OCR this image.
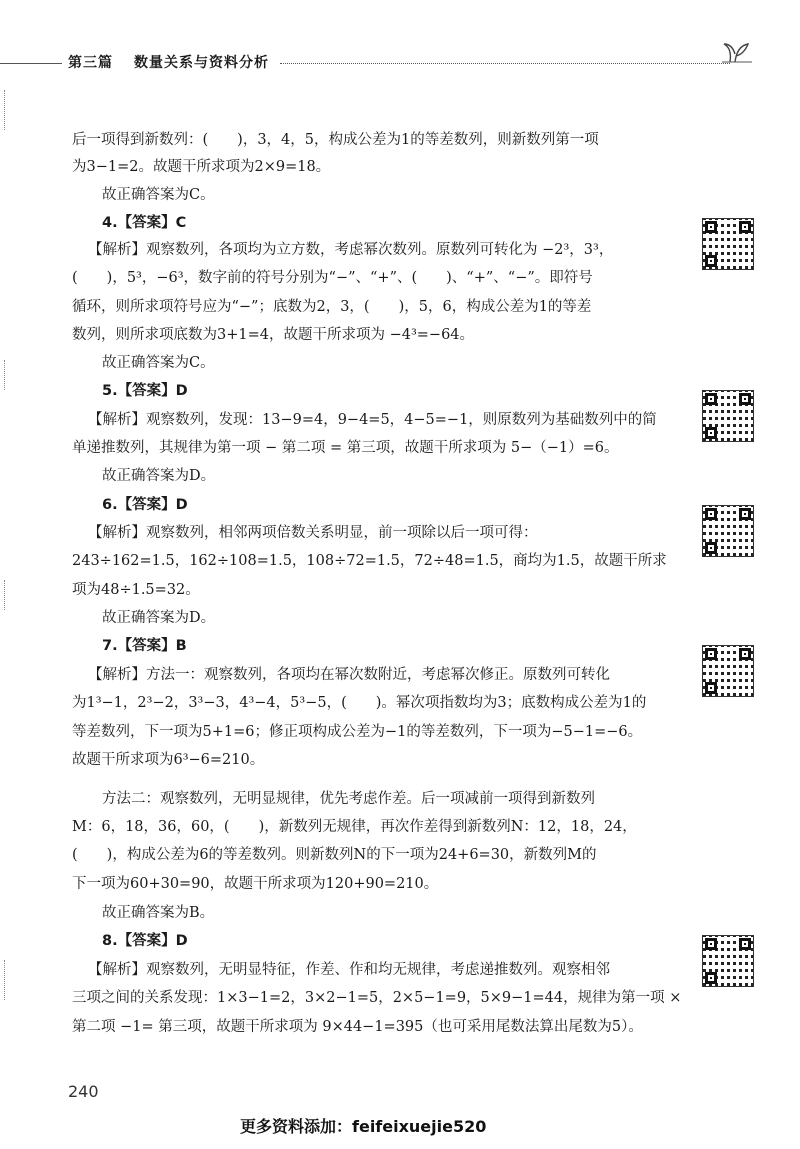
第三篇 数量关系与资料分析
后一项得到新数列：(　　)，3，4，5，构成公差为1的等差数列，则新数列第一项
为3−1=2。故题干所求项为2×9=18。
故正确答案为C。
4.【答案】C
【解析】观察数列，各项均为立方数，考虑幂次数列。原数列可转化为 −2³，3³，
(　　)，5³，−6³，数字前的符号分别为“−”、“+”、(　　)、“+”、“−”。即符号
循环，则所求项符号应为“−”；底数为2，3，(　　)，5，6，构成公差为1的等差
数列，则所求项底数为3+1=4，故题干所求项为 −4³=−64。
故正确答案为C。
5.【答案】D
【解析】观察数列，发现：13−9=4，9−4=5，4−5=−1，则原数列为基础数列中的简
单递推数列，其规律为第一项 − 第二项 = 第三项，故题干所求项为 5−（−1）=6。
故正确答案为D。
6.【答案】D
【解析】观察数列，相邻两项倍数关系明显，前一项除以后一项可得：
243÷162=1.5，162÷108=1.5，108÷72=1.5，72÷48=1.5，商均为1.5，故题干所求
项为48÷1.5=32。
故正确答案为D。
7.【答案】B
【解析】方法一：观察数列，各项均在幂次数附近，考虑幂次修正。原数列可转化
为1³−1，2³−2，3³−3，4³−4，5³−5，(　　)。幂次项指数均为3；底数构成公差为1的
等差数列，下一项为5+1=6；修正项构成公差为−1的等差数列，下一项为−5−1=−6。
故题干所求项为6³−6=210。
方法二：观察数列，无明显规律，优先考虑作差。后一项减前一项得到新数列
M：6，18，36，60，(　　)，新数列无规律，再次作差得到新数列N：12，18，24，
(　　)，构成公差为6的等差数列。则新数列N的下一项为24+6=30，新数列M的
下一项为60+30=90，故题干所求项为120+90=210。
故正确答案为B。
8.【答案】D
【解析】观察数列，无明显特征，作差、作和均无规律，考虑递推数列。观察相邻
三项之间的关系发现：1×3−1=2，3×2−1=5，2×5−1=9，5×9−1=44，规律为第一项 ×
第二项 −1= 第三项，故题干所求项为 9×44−1=395（也可采用尾数法算出尾数为5）。
240
更多资料添加：feifeixuejie520
